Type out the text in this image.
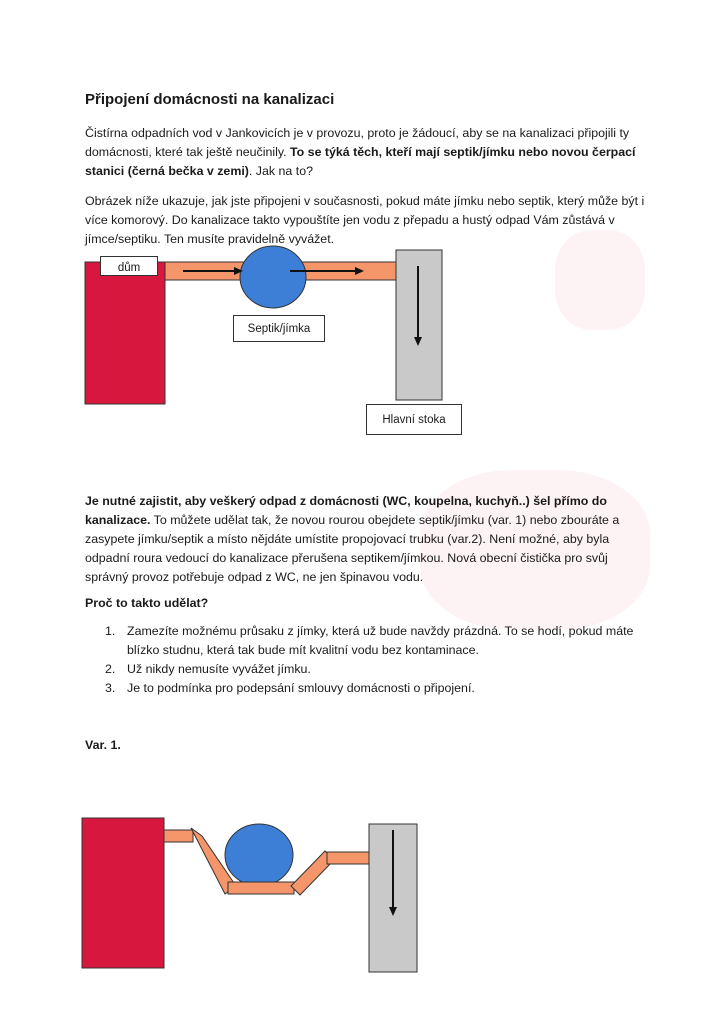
Připojení domácnosti na kanalizaci

Čistírna odpadních vod v Jankovicích je v provozu, proto je žádoucí, aby se na kanalizaci připojili ty domácnosti, které tak ještě neučinily. To se týká těch, kteří mají septik/jímku nebo novou čerpací stanici (černá bečka v zemi). Jak na to?

Obrázek níže ukazuje, jak jste připojeni v současnosti, pokud máte jímku nebo septik, který může být i více komorový. Do kanalizace takto vypouštíte jen vodu z přepadu a hustý odpad Vám zůstává v jímce/septiku. Ten musíte pravidelně vyvážet.

dům
Septik/jímka
Hlavní stoka

Je nutné zajistit, aby veškerý odpad z domácnosti (WC, koupelna, kuchyň..) šel přímo do kanalizace. To můžete udělat tak, že novou rourou obejdete septik/jímku (var. 1) nebo zbouráte a zasypete jímku/septik a místo nějdáte umístite propojovací trubku (var.2). Není možné, aby byla odpadní roura vedoucí do kanalizace přerušena septikem/jímkou. Nová obecní čistička pro svůj správný provoz potřebuje odpad z WC, ne jen špinavou vodu.

Proč to takto udělat?
1. Zamezíte možnému průsaku z jímky, která už bude navždy prázdná. To se hodí, pokud máte blízko studnu, která tak bude mít kvalitní vodu bez kontaminace.
2. Už nikdy nemusíte vyvážet jímku.
3. Je to podmínka pro podepsání smlouvy domácnosti o připojení.
Var. 1.
